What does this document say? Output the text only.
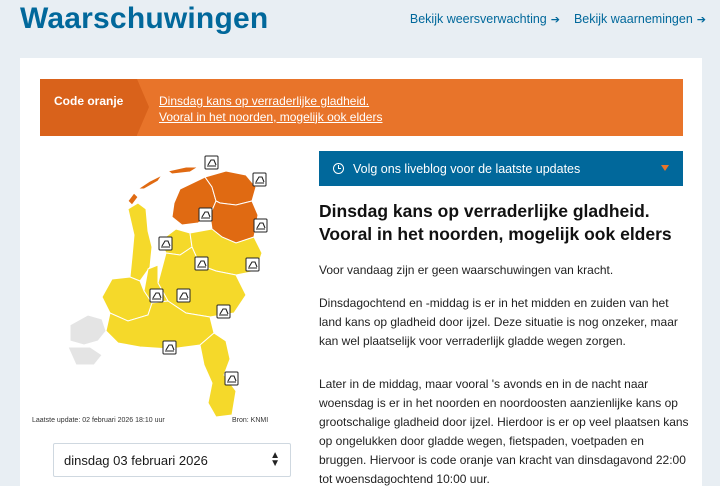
Waarschuwingen	Bekijk weersverwachting ➔ Bekijk waarnemingen ➔
Code oranje	Dinsdag kans op verraderlijke gladheid.
Vooral in het noorden, mogelijk ook elders
Laatste update: 02 februari 2026 18:10 uur	Bron: KNMI
dinsdag 03 februari 2026	▲
▼
Volg ons liveblog voor de laatste updates
Dinsdag kans op verraderlijke gladheid.
Vooral in het noorden, mogelijk ook elders
Voor vandaag zijn er geen waarschuwingen van kracht.
Dinsdagochtend en -middag is er in het midden en zuiden van het land kans op gladheid door ijzel. Deze situatie is nog onzeker, maar kan wel plaatselijk voor verraderlijk gladde wegen zorgen.
Later in de middag, maar vooral 's avonds en in de nacht naar woensdag is er in het noorden en noordoosten aanzienlijke kans op grootschalige gladheid door ijzel. Hierdoor is er op veel plaatsen kans op ongelukken door gladde wegen, fietspaden, voetpaden en bruggen. Hiervoor is code oranje van kracht van dinsdagavond 22:00 tot woensdagochtend 10:00 uur.
